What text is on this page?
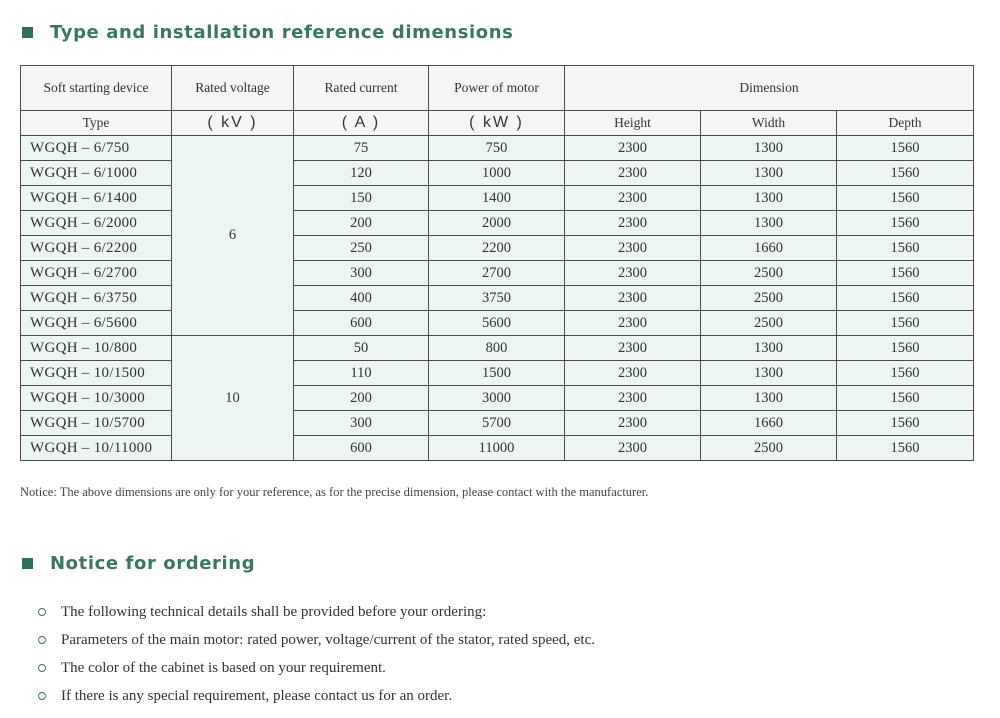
Type and installation reference dimensions
Soft starting device	Rated voltage	Rated current	Power of motor	Dimension		
Type	( kV )	( A )	( kW )	Height	Width	Depth
WGQH – 6/750	6	75	750	2300	1300	1560
WGQH – 6/1000		120	1000	2300	1300	1560
WGQH – 6/1400		150	1400	2300	1300	1560
WGQH – 6/2000		200	2000	2300	1300	1560
WGQH – 6/2200		250	2200	2300	1660	1560
WGQH – 6/2700		300	2700	2300	2500	1560
WGQH – 6/3750		400	3750	2300	2500	1560
WGQH – 6/5600		600	5600	2300	2500	1560
WGQH – 10/800	10	50	800	2300	1300	1560
WGQH – 10/1500		110	1500	2300	1300	1560
WGQH – 10/3000		200	3000	2300	1300	1560
WGQH – 10/5700		300	5700	2300	1660	1560
WGQH – 10/11000		600	11000	2300	2500	1560
Notice: The above dimensions are only for your reference, as for the precise dimension, please contact with the manufacturer.
Notice for ordering
The following technical details shall be provided before your ordering:
Parameters of the main motor: rated power, voltage/current of the stator, rated speed, etc.
The color of the cabinet is based on your requirement.
If there is any special requirement, please contact us for an order.
